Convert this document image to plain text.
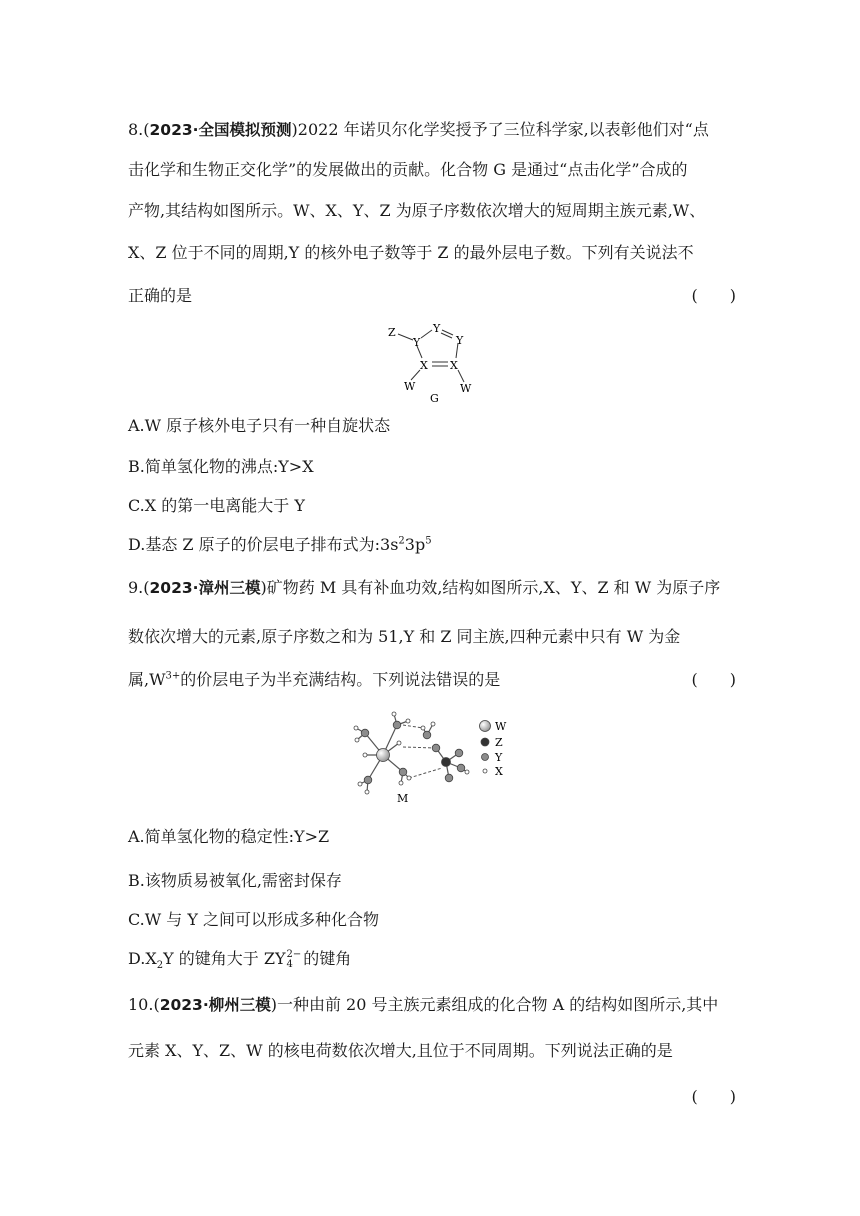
8.(2023·全国模拟预测)2022 年诺贝尔化学奖授予了三位科学家,以表彰他们对“点
击化学和生物正交化学”的发展做出的贡献。化合物 G 是通过“点击化学”合成的
产物,其结构如图所示。W、X、Y、Z 为原子序数依次增大的短周期主族元素,W、
X、Z 位于不同的周期,Y 的核外电子数等于 Z 的最外层电子数。下列有关说法不
正确的是	(　　)
Z
Y
Y
Y
X X
W	W
G
A.W 原子核外电子只有一种自旋状态
B.简单氢化物的沸点:Y>X
C.X 的第一电离能大于 Y
D.基态 Z 原子的价层电子排布式为$:3s^23p^5$
9.(2023·漳州三模)矿物药 M 具有补血功效,结构如图所示,X、Y、Z 和 W 为原子序
数依次增大的元素,原子序数之和为 51,Y 和 Z 同主族,四种元素中只有 W 为金
属$,W^{3+}$的价层电子为半充满结构。下列说法错误的是	(　　)
W
Z
Y
X
M
A.简单氢化物的稳定性:Y>Z
B.该物质易被氧化,需密封保存
C.W 与 Y 之间可以形成多种化合物
$D.X_2Y$ 的键角大于 ZY 2−
4 的键角
10.(2023·柳州三模)一种由前 20 号主族元素组成的化合物 A 的结构如图所示,其中
元素 X、Y、Z、W 的核电荷数依次增大,且位于不同周期。下列说法正确的是
(　　)
